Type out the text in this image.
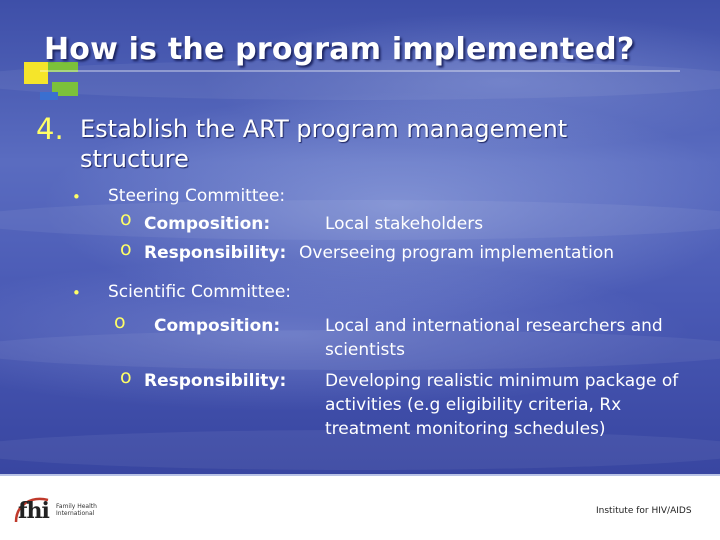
How is the program implemented?
4. Establish the ART program management structure
• Steering Committee:
o Composition:	Local stakeholders
o Responsibility: Overseeing program implementation
• Scientific Committee:
o Composition:	Local and international researchers and scientists
o Responsibility: Developing realistic minimum package of activities (e.g eligibility criteria, Rx treatment monitoring schedules)
fhi Family Health International	Institute for HIV/AIDS
